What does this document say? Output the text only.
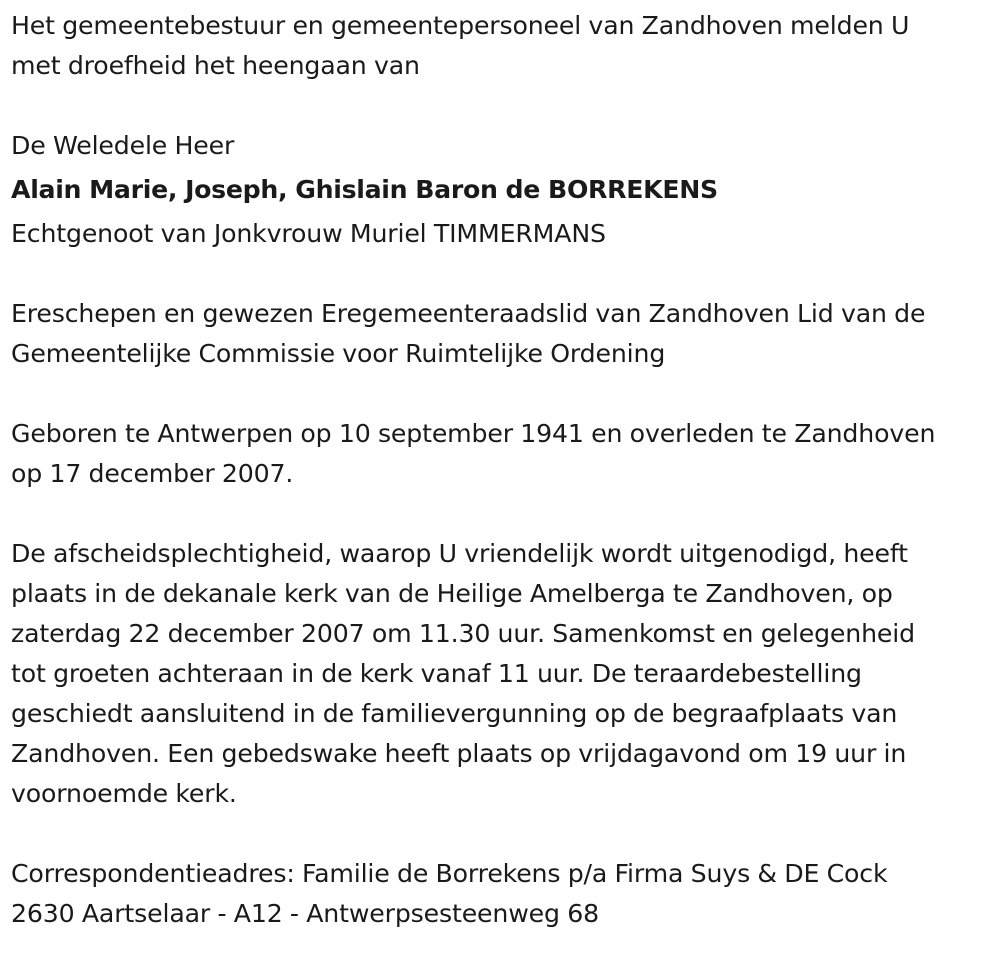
Het gemeentebestuur en gemeentepersoneel van Zandhoven melden U
met droefheid het heengaan van
De Weledele Heer
Alain Marie, Joseph, Ghislain Baron de BORREKENS
Echtgenoot van Jonkvrouw Muriel TIMMERMANS
Ereschepen en gewezen Eregemeenteraadslid van Zandhoven Lid van de
Gemeentelijke Commissie voor Ruimtelijke Ordening
Geboren te Antwerpen op 10 september 1941 en overleden te Zandhoven
op 17 december 2007.
De afscheidsplechtigheid, waarop U vriendelijk wordt uitgenodigd, heeft
plaats in de dekanale kerk van de Heilige Amelberga te Zandhoven, op
zaterdag 22 december 2007 om 11.30 uur. Samenkomst en gelegenheid
tot groeten achteraan in de kerk vanaf 11 uur. De teraardebestelling
geschiedt aansluitend in de familievergunning op de begraafplaats van
Zandhoven. Een gebedswake heeft plaats op vrijdagavond om 19 uur in
voornoemde kerk.
Correspondentieadres: Familie de Borrekens p/a Firma Suys & DE Cock
2630 Aartselaar - A12 - Antwerpsesteenweg 68
